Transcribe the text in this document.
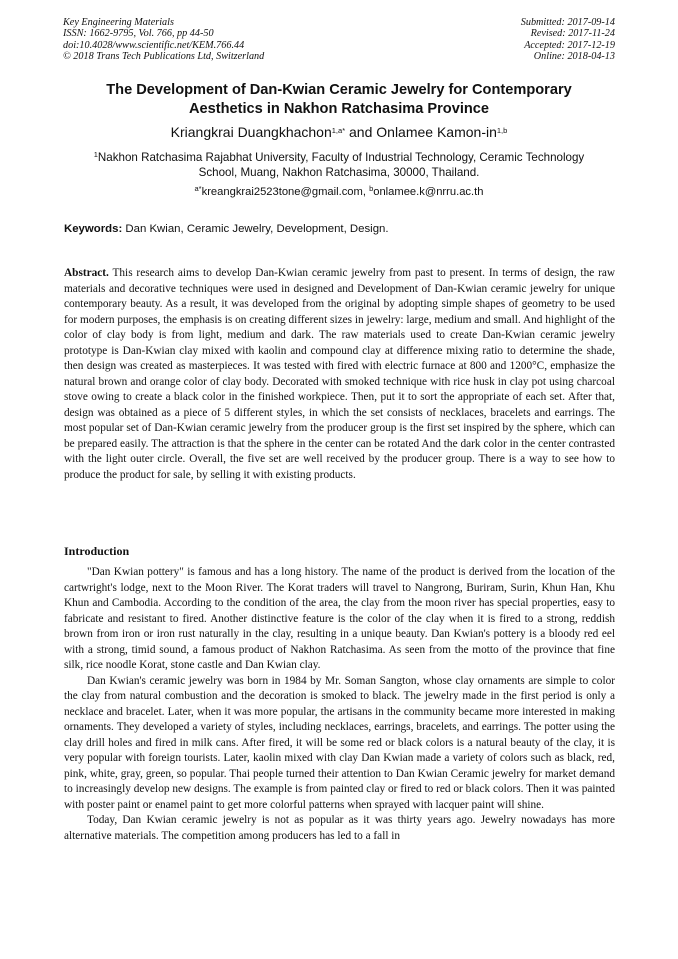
Key Engineering Materials
ISSN: 1662-9795, Vol. 766, pp 44-50
doi:10.4028/www.scientific.net/KEM.766.44
© 2018 Trans Tech Publications Ltd, Switzerland
Submitted: 2017-09-14
Revised: 2017-11-24
Accepted: 2017-12-19
Online: 2018-04-13
The Development of Dan-Kwian Ceramic Jewelry for Contemporary
Aesthetics in Nakhon Ratchasima Province
Kriangkrai Duangkhachon$^{1,a*}$ and Onlamee Kamon-in$^{1,b}$
$^1$Nakhon Ratchasima Rajabhat University, Faculty of Industrial Technology, Ceramic Technology
School, Muang, Nakhon Ratchasima, 30000, Thailand.
$^{a*}$kreangkrai2523tone@gmail.com, $^b$onlamee.k@nrru.ac.th
Keywords: Dan Kwian, Ceramic Jewelry, Development, Design.
Abstract. This research aims to develop Dan-Kwian ceramic jewelry from past to present. In terms of design, the raw materials and decorative techniques were used in designed and Development of Dan-Kwian ceramic jewelry for unique contemporary beauty. As a result, it was developed from the original by adopting simple shapes of geometry to be used for modern purposes, the emphasis is on creating different sizes in jewelry: large, medium and small. And highlight of the color of clay body is from light, medium and dark. The raw materials used to create Dan-Kwian ceramic jewelry prototype is Dan-Kwian clay mixed with kaolin and compound clay at difference mixing ratio to determine the shade, then design was created as masterpieces. It was tested with fired with electric furnace at 800 and 1200°C, emphasize the natural brown and orange color of clay body. Decorated with smoked technique with rice husk in clay pot using charcoal stove owing to create a black color in the finished workpiece. Then, put it to sort the appropriate of each set. After that, design was obtained as a piece of 5 different styles, in which the set consists of necklaces, bracelets and earrings. The most popular set of Dan-Kwian ceramic jewelry from the producer group is the first set inspired by the sphere, which can be prepared easily. The attraction is that the sphere in the center can be rotated And the dark color in the center contrasted with the light outer circle. Overall, the five set are well received by the producer group. There is a way to see how to produce the product for sale, by selling it with existing products.
Introduction

"Dan Kwian pottery" is famous and has a long history. The name of the product is derived from the location of the cartwright's lodge, next to the Moon River. The Korat traders will travel to Nangrong, Buriram, Surin, Khun Han, Khu Khun and Cambodia. According to the condition of the area, the clay from the moon river has special properties, easy to fabricate and resistant to fired. Another distinctive feature is the color of the clay when it is fired to a strong, reddish brown from iron or iron rust naturally in the clay, resulting in a unique beauty. Dan Kwian's pottery is a bloody red eel with a strong, timid sound, a famous product of Nakhon Ratchasima. As seen from the motto of the province that fine silk, rice noodle Korat, stone castle and Dan Kwian clay.

Dan Kwian's ceramic jewelry was born in 1984 by Mr. Soman Sangton, whose clay ornaments are simple to color the clay from natural combustion and the decoration is smoked to black. The jewelry made in the first period is only a necklace and bracelet. Later, when it was more popular, the artisans in the community became more interested in making ornaments. They developed a variety of styles, including necklaces, earrings, bracelets, and earrings. The potter using the clay drill holes and fired in milk cans. After fired, it will be some red or black colors is a natural beauty of the clay, it is very popular with foreign tourists. Later, kaolin mixed with clay Dan Kwian made a variety of colors such as black, red, pink, white, gray, green, so popular. Thai people turned their attention to Dan Kwian Ceramic jewelry for market demand to increasingly develop new designs. The example is from painted clay or fired to red or black colors. Then it was painted with poster paint or enamel paint to get more colorful patterns when sprayed with lacquer paint will shine.

Today, Dan Kwian ceramic jewelry is not as popular as it was thirty years ago. Jewelry nowadays has more alternative materials. The competition among producers has led to a fall in
